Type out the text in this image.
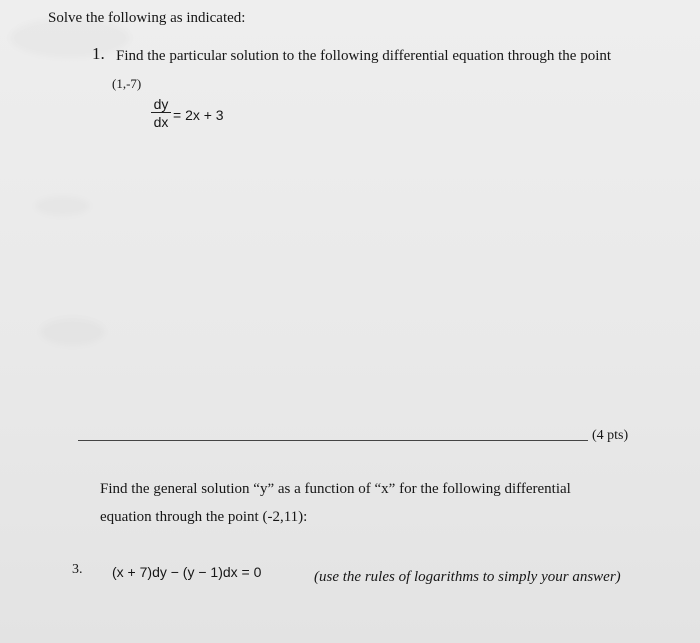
Solve the following as indicated:
1. Find the particular solution to the following differential equation through the point
(1,-7)
$\frac{dy}{dx} = 2x + 3$
(4 pts)
Find the general solution “y” as a function of “x” for the following differential
equation through the point (-2,11):
3. (x + 7)dy − (y − 1)dx = 0	(use the rules of logarithms to simply your answer)
